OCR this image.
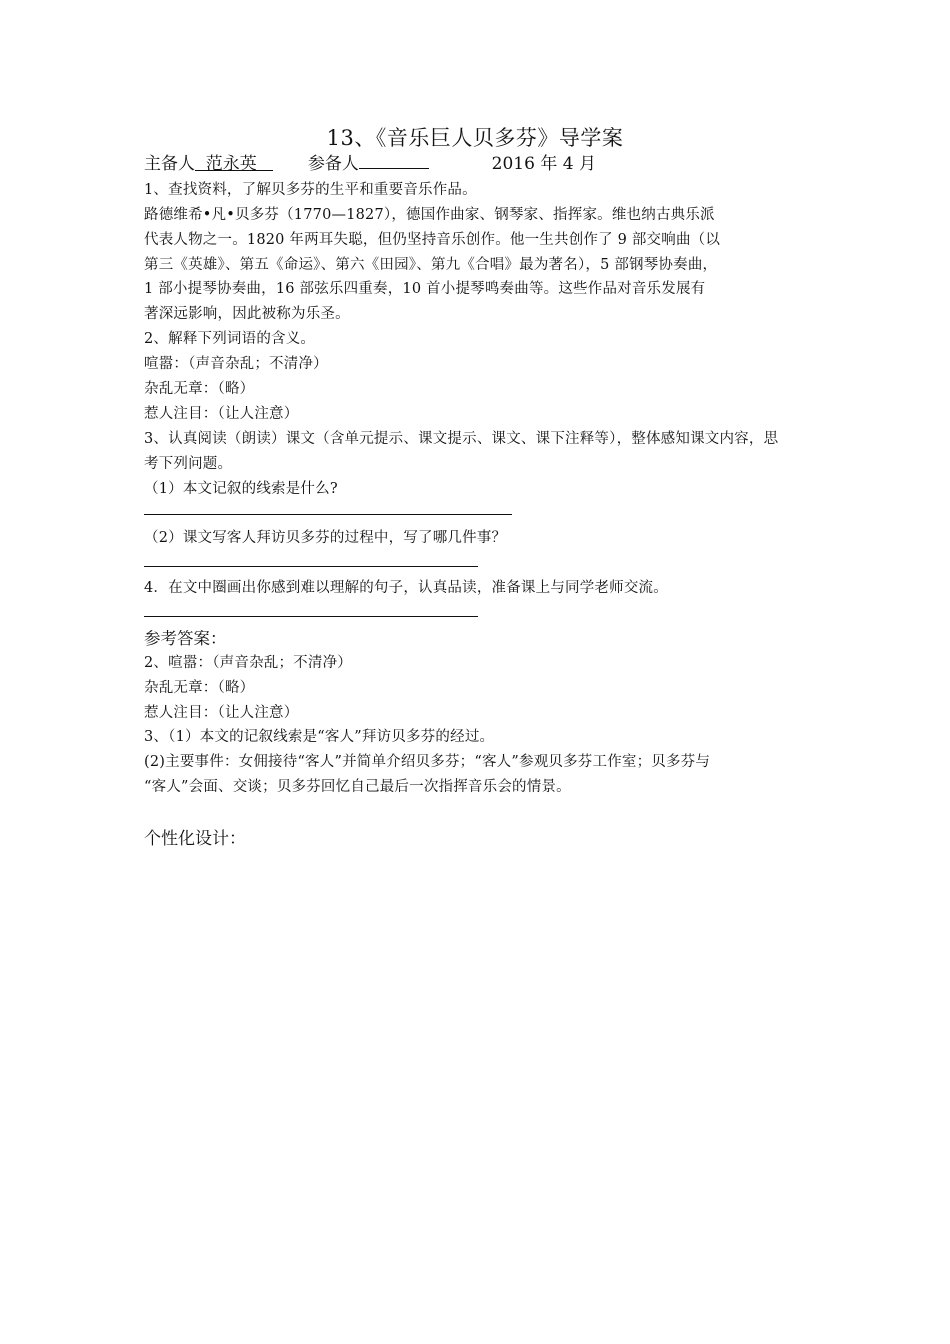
13、《音乐巨人贝多芬》导学案
主备人  范永英     参备人	2016 年 4 月
1、查找资料，了解贝多芬的生平和重要音乐作品。
路德维希•凡•贝多芬（1770—1827），德国作曲家、钢琴家、指挥家。维也纳古典乐派
代表人物之一。1820 年两耳失聪，但仍坚持音乐创作。他一生共创作了 9 部交响曲（以
第三《英雄》、第五《命运》、第六《田园》、第九《合唱》最为著名），5 部钢琴协奏曲，
1 部小提琴协奏曲，16 部弦乐四重奏，10 首小提琴鸣奏曲等。这些作品对音乐发展有
著深远影响，因此被称为乐圣。
2、解释下列词语的含义。
喧嚣：（声音杂乱；不清净）
杂乱无章：（略）
惹人注目：（让人注意）
3、认真阅读（朗读）课文（含单元提示、课文提示、课文、课下注释等），整体感知课文内容，思
考下列问题。
（1）本文记叙的线索是什么?
（2）课文写客人拜访贝多芬的过程中，写了哪几件事？
4．在文中圈画出你感到难以理解的句子，认真品读，准备课上与同学老师交流。
参考答案：
2、喧嚣：（声音杂乱；不清净）
杂乱无章：（略）
惹人注目：（让人注意）
3、（1）本文的记叙线索是“客人”拜访贝多芬的经过。
(2)主要事件：女佣接待“客人”并简单介绍贝多芬；“客人”参观贝多芬工作室；贝多芬与
“客人”会面、交谈；贝多芬回忆自己最后一次指挥音乐会的情景。
个性化设计：
